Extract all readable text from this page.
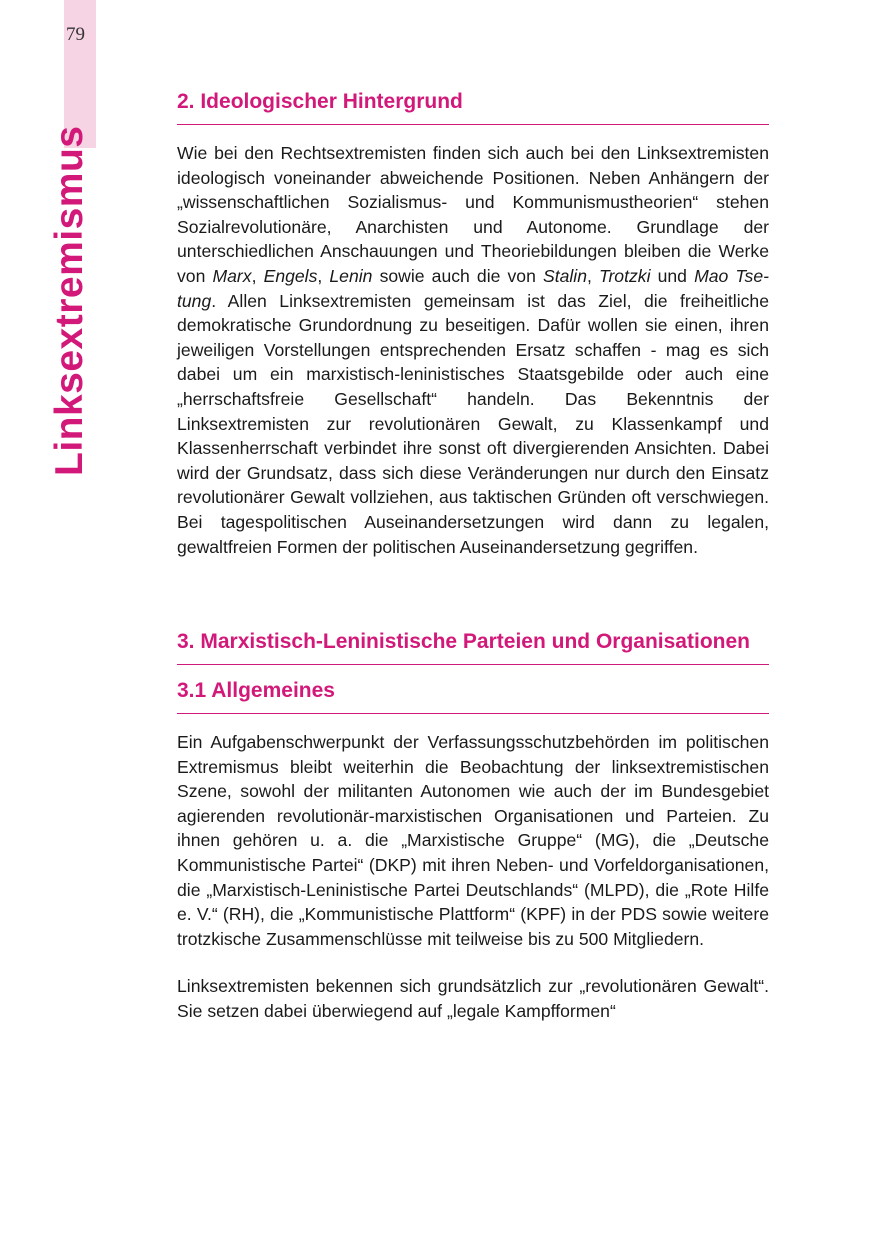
79
Linksextremismus
2. Ideologischer Hintergrund

Wie bei den Rechtsextremisten finden sich auch bei den Linksextremisten ideologisch voneinander abweichende Positionen. Neben Anhängern der „wissenschaftlichen Sozialismus- und Kommunismustheorien“ stehen Sozialrevolutionäre, Anarchisten und Autonome. Grundlage der unterschiedlichen Anschauungen und Theoriebildungen bleiben die Werke von Marx, Engels, Lenin sowie auch die von Stalin, Trotzki und Mao Tse-tung. Allen Linksextremisten gemeinsam ist das Ziel, die freiheitliche demokratische Grundordnung zu beseitigen. Dafür wollen sie einen, ihren jeweiligen Vorstellungen entsprechenden Ersatz schaffen - mag es sich dabei um ein marxistisch-leninistisches Staatsgebilde oder auch eine „herrschaftsfreie Gesellschaft“ handeln. Das Bekenntnis der Linksextremisten zur revolutionären Gewalt, zu Klassenkampf und Klassenherrschaft verbindet ihre sonst oft divergierenden Ansichten. Dabei wird der Grundsatz, dass sich diese Veränderungen nur durch den Einsatz revolutionärer Gewalt vollziehen, aus taktischen Gründen oft verschwiegen. Bei tagespolitischen Auseinandersetzungen wird dann zu legalen, gewaltfreien Formen der politischen Auseinandersetzung gegriffen.

3. Marxistisch-Leninistische Parteien und Organisationen
3.1 Allgemeines

Ein Aufgabenschwerpunkt der Verfassungsschutzbehörden im politischen Extremismus bleibt weiterhin die Beobachtung der linksextremistischen Szene, sowohl der militanten Autonomen wie auch der im Bundesgebiet agierenden revolutionär-marxistischen Organisationen und Parteien. Zu ihnen gehören u. a. die „Marxistische Gruppe“ (MG), die „Deutsche Kommunistische Partei“ (DKP) mit ihren Neben- und Vorfeldorganisationen, die „Marxistisch-Leninistische Partei Deutschlands“ (MLPD), die „Rote Hilfe e. V.“ (RH), die „Kommunistische Plattform“ (KPF) in der PDS sowie weitere trotzkische Zusammenschlüsse mit teilweise bis zu 500 Mitgliedern.

Linksextremisten bekennen sich grundsätzlich zur „revolutionären Gewalt“. Sie setzen dabei überwiegend auf „legale Kampfformen“
